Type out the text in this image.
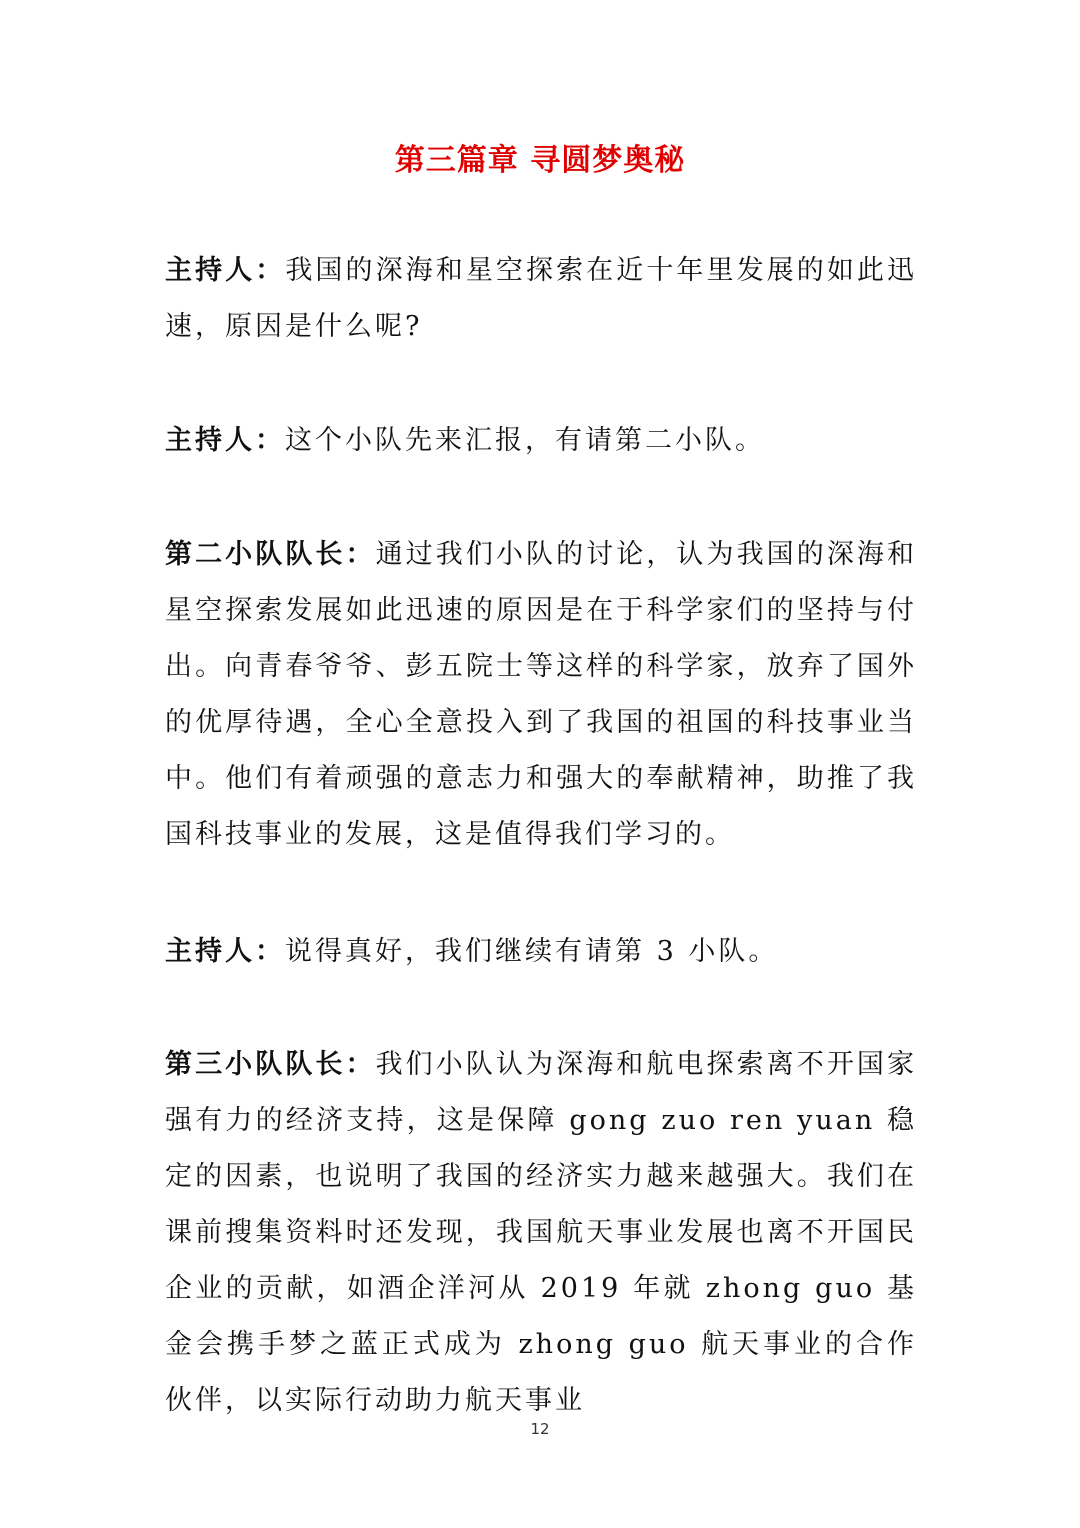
第三篇章 寻圆梦奥秘

主持人：我国的深海和星空探索在近十年里发展的如此迅速，原因是什么呢?

主持人：这个小队先来汇报，有请第二小队。

第二小队队长：通过我们小队的讨论，认为我国的深海和星空探索发展如此迅速的原因是在于科学家们的坚持与付出。向青春爷爷、彭五院士等这样的科学家，放弃了国外的优厚待遇，全心全意投入到了我国的祖国的科技事业当中。他们有着顽强的意志力和强大的奉献精神，助推了我国科技事业的发展，这是值得我们学习的。

主持人：说得真好，我们继续有请第 3 小队。

第三小队队长：我们小队认为深海和航电探索离不开国家强有力的经济支持，这是保障 gong zuo ren yuan 稳定的因素，也说明了我国的经济实力越来越强大。我们在课前搜集资料时还发现，我国航天事业发展也离不开国民企业的贡献，如酒企洋河从 2019 年就 zhong guo 基金会携手梦之蓝正式成为 zhong guo 航天事业的合作伙伴，以实际行动助力航天事业

12
